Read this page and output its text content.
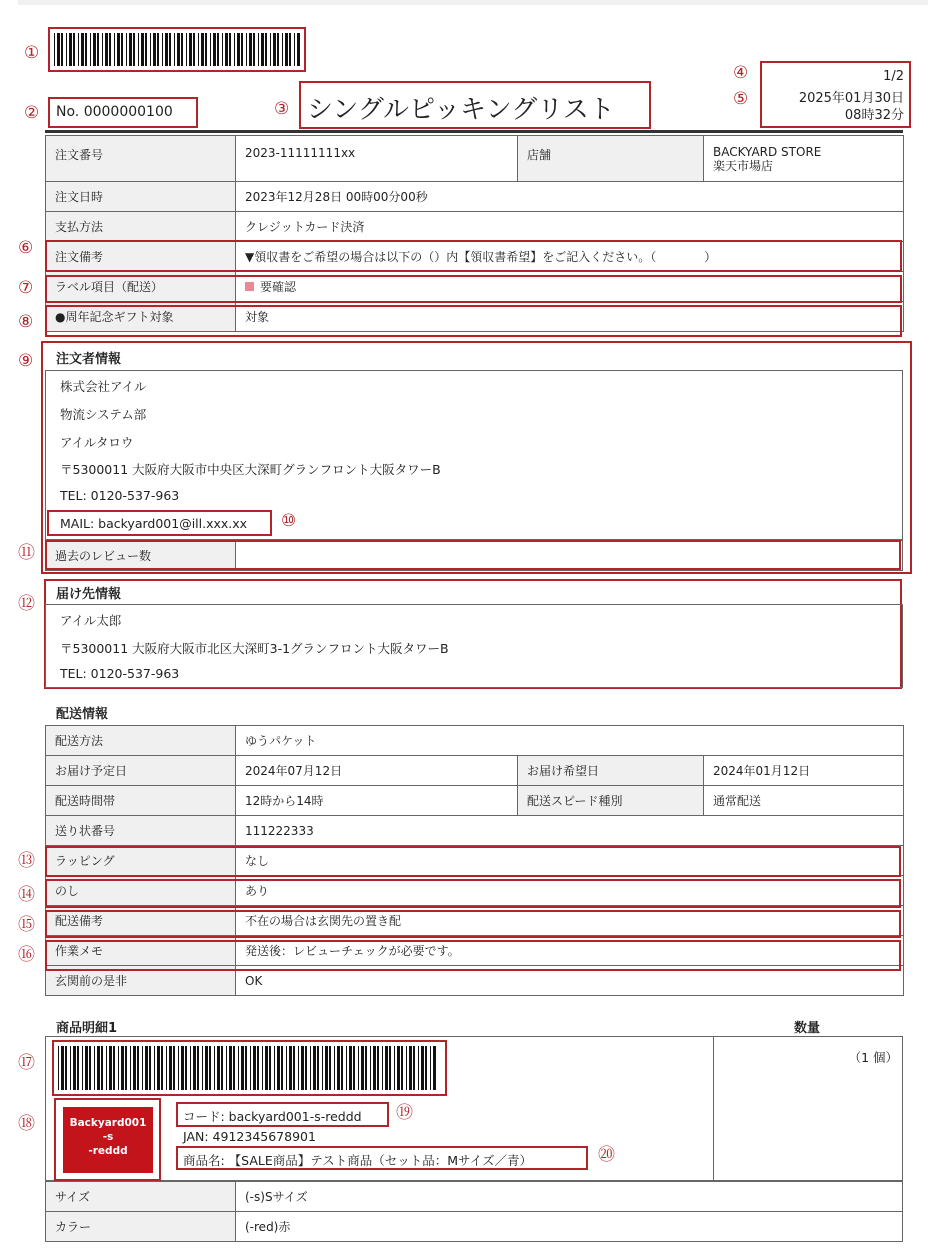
No. 0000000100	シングルピッキングリスト
1/2
2025年01月30日
08時32分
①
②	③
④
⑤
⑥
⑦
⑧
⑨
⑩
⑪
⑫
⑬
⑭
⑮
⑯
⑰
⑱
⑲
⑳
注文番号	2023-11111111xx	店舗	BACKYARD STORE
楽天市場店

注文日時	2023年12月28日 00時00分00秒		
支払方法	クレジットカード決済		
注文備考	▼領収書をご希望の場合は以下の（）内【領収書希望】をご記入ください。（　　　　）		
ラベル項目（配送）	要確認		
●周年記念ギフト対象	対象		
注文者情報
株式会社アイル
物流システム部
アイルタロウ
〒5300011 大阪府大阪市中央区大深町グランフロント大阪タワーB
TEL: 0120-537-963
MAIL: backyard001@ill.xxx.xx
過去のレビュー数	
届け先情報
アイル太郎
〒5300011 大阪府大阪市北区大深町3-1グランフロント大阪タワーB
TEL: 0120-537-963
配送情報
配送方法	ゆうパケット		
お届け予定日	2024年07月12日	お届け希望日	2024年01月12日
配送時間帯	12時から14時	配送スピード種別	通常配送
送り状番号	111222333		
ラッピング	なし		
のし	あり		
配送備考	不在の場合は玄関先の置き配		
作業メモ	発送後：レビューチェックが必要です。		
玄関前の是非	OK		
商品明細1	数量
（1 個）
Backyard001
-s
-reddd
コード: backyard001-s-reddd
JAN: 4912345678901
商品名: 【SALE商品】テスト商品（セット品：Mサイズ／青）
サイズ	(-s)Sサイズ
カラー	(-red)赤
